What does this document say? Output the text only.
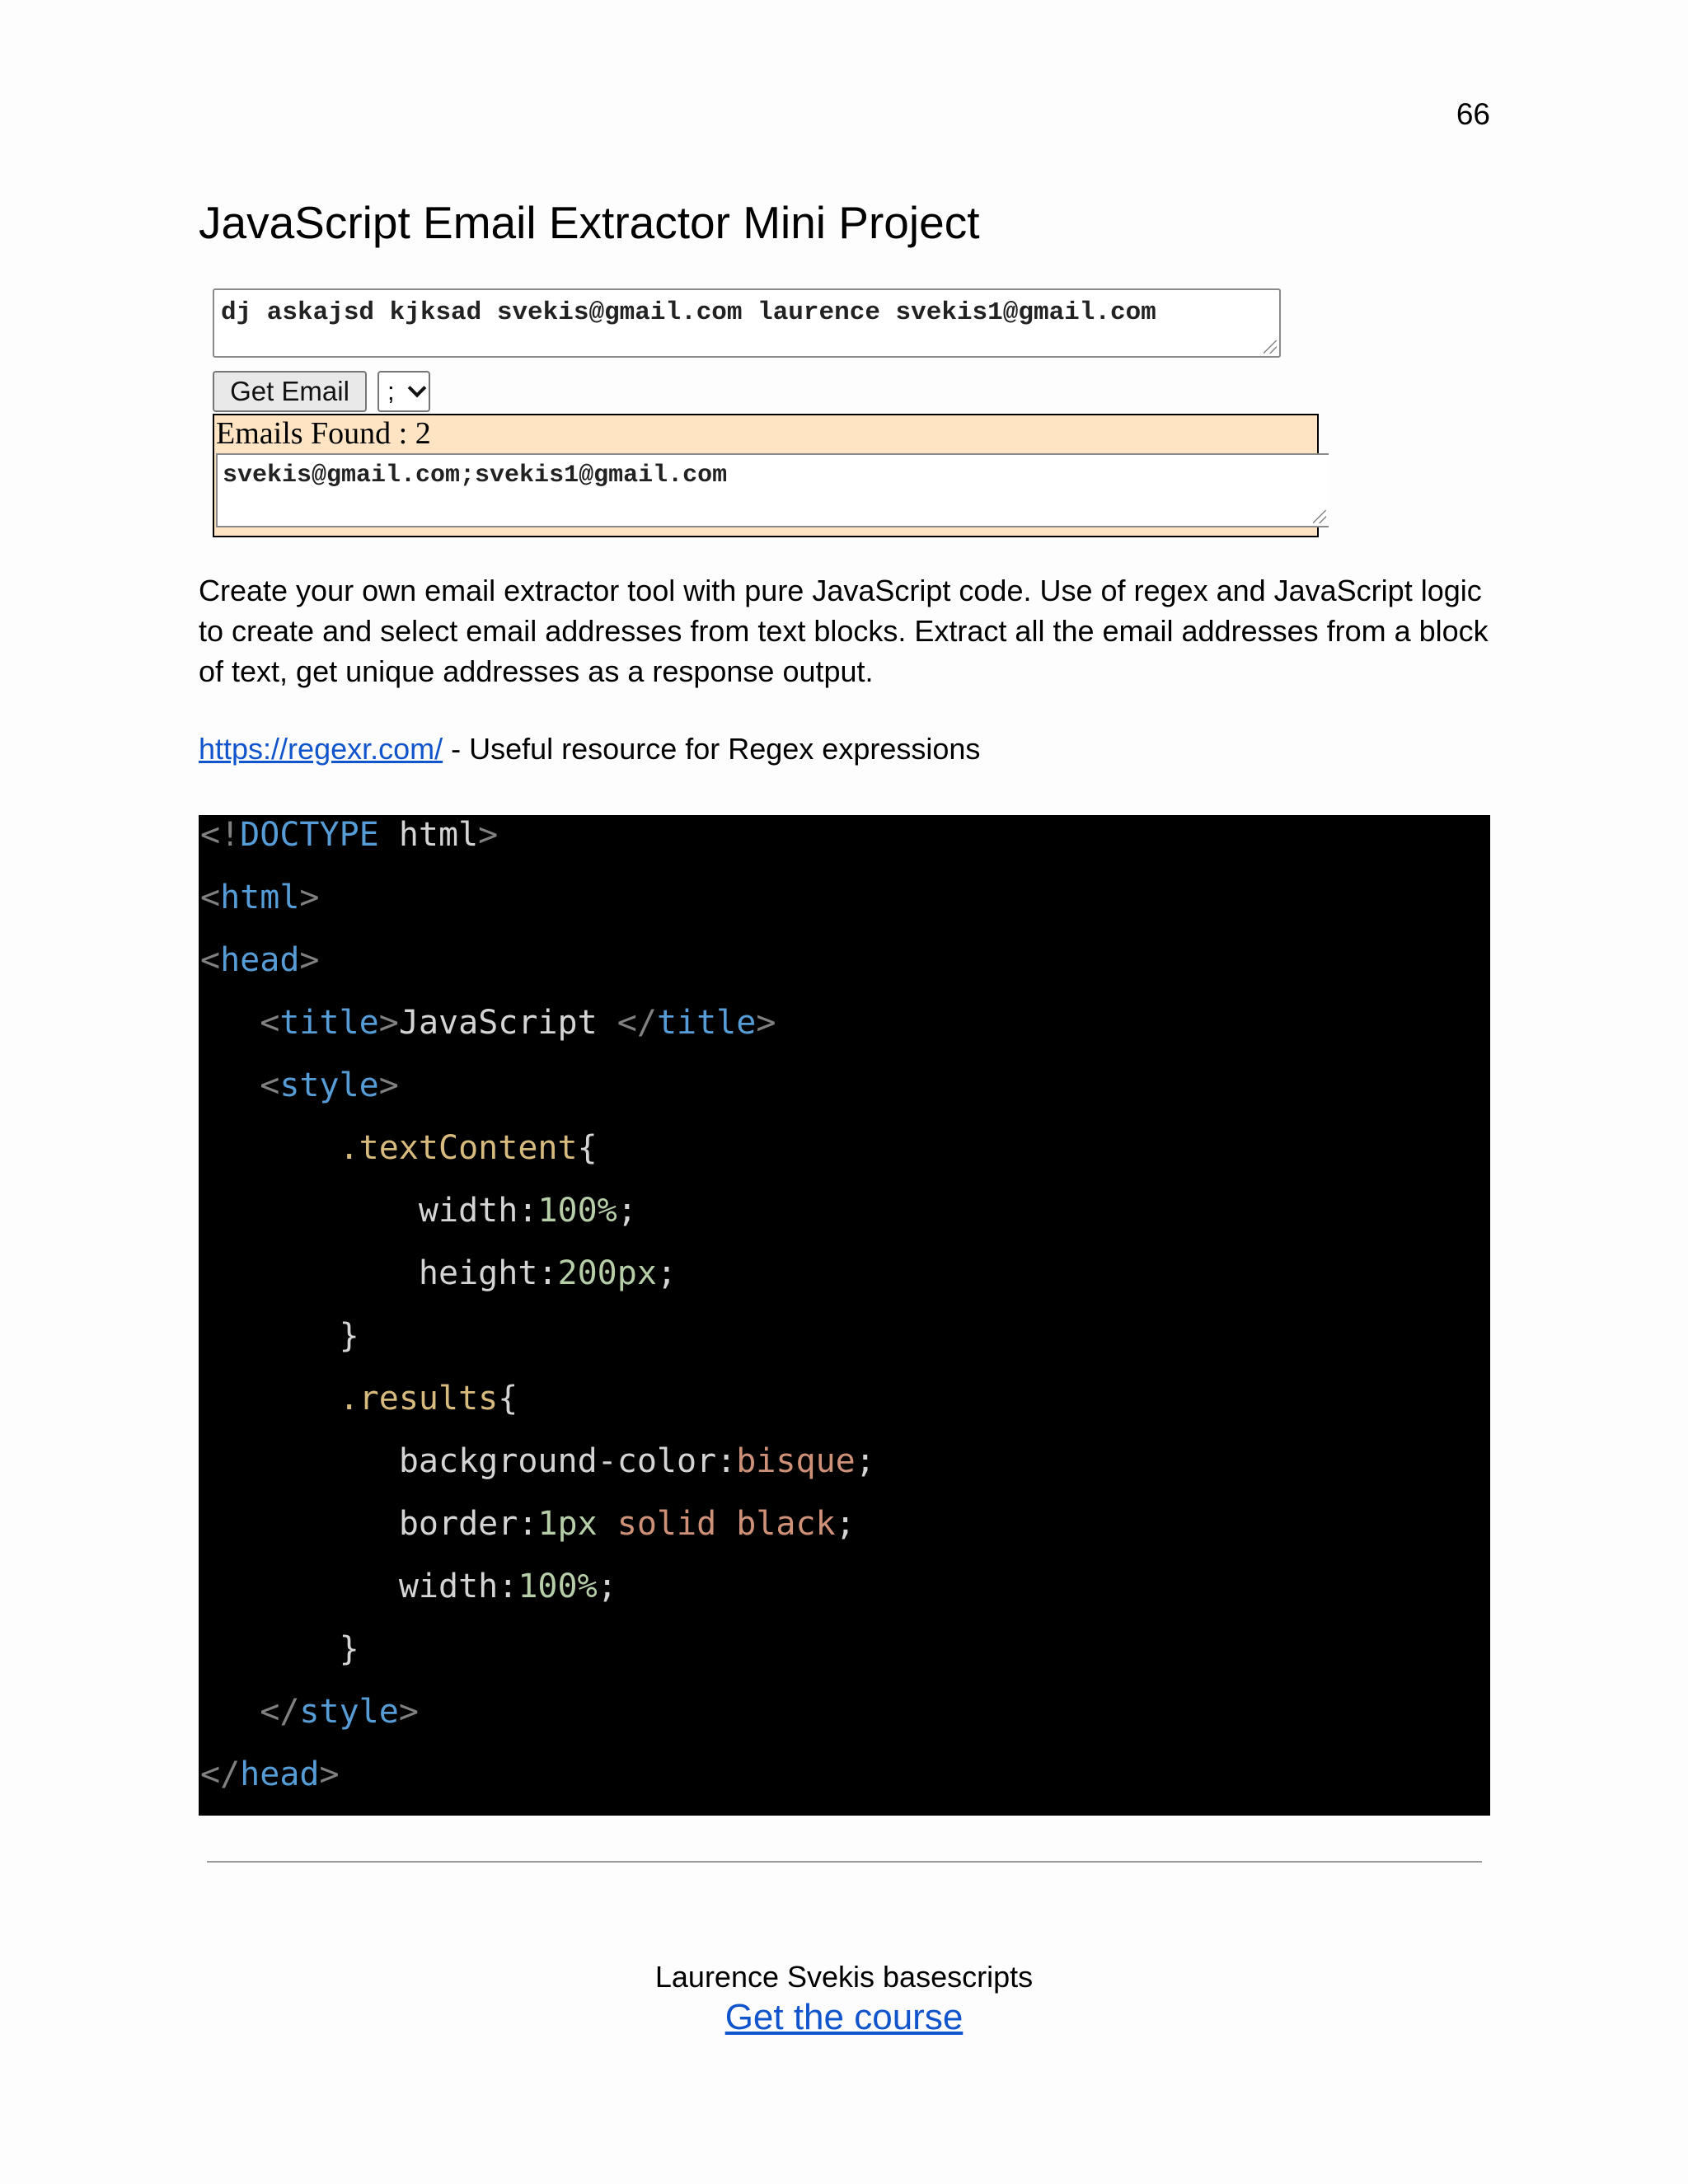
66
JavaScript Email Extractor Mini Project
dj askajsd kjksad svekis@gmail.com laurence svekis1@gmail.com
Get Email	;
Emails Found : 2
svekis@gmail.com;svekis1@gmail.com

Create your own email extractor tool with pure JavaScript code. Use of regex and JavaScript logic to create and select email addresses from text blocks. Extract all the email addresses from a block of text, get unique addresses as a response output.

https://regexr.com/ - Useful resource for Regex expressions
<!DOCTYPE html>
<html>
<head>
<title>JavaScript </title>
<style>
.textContent{
width:100%;
height:200px;
}
.results{
background-color:bisque;
border:1px solid black;
width:100%;
}
</style>
</head>
Laurence Svekis basescripts
Get the course
